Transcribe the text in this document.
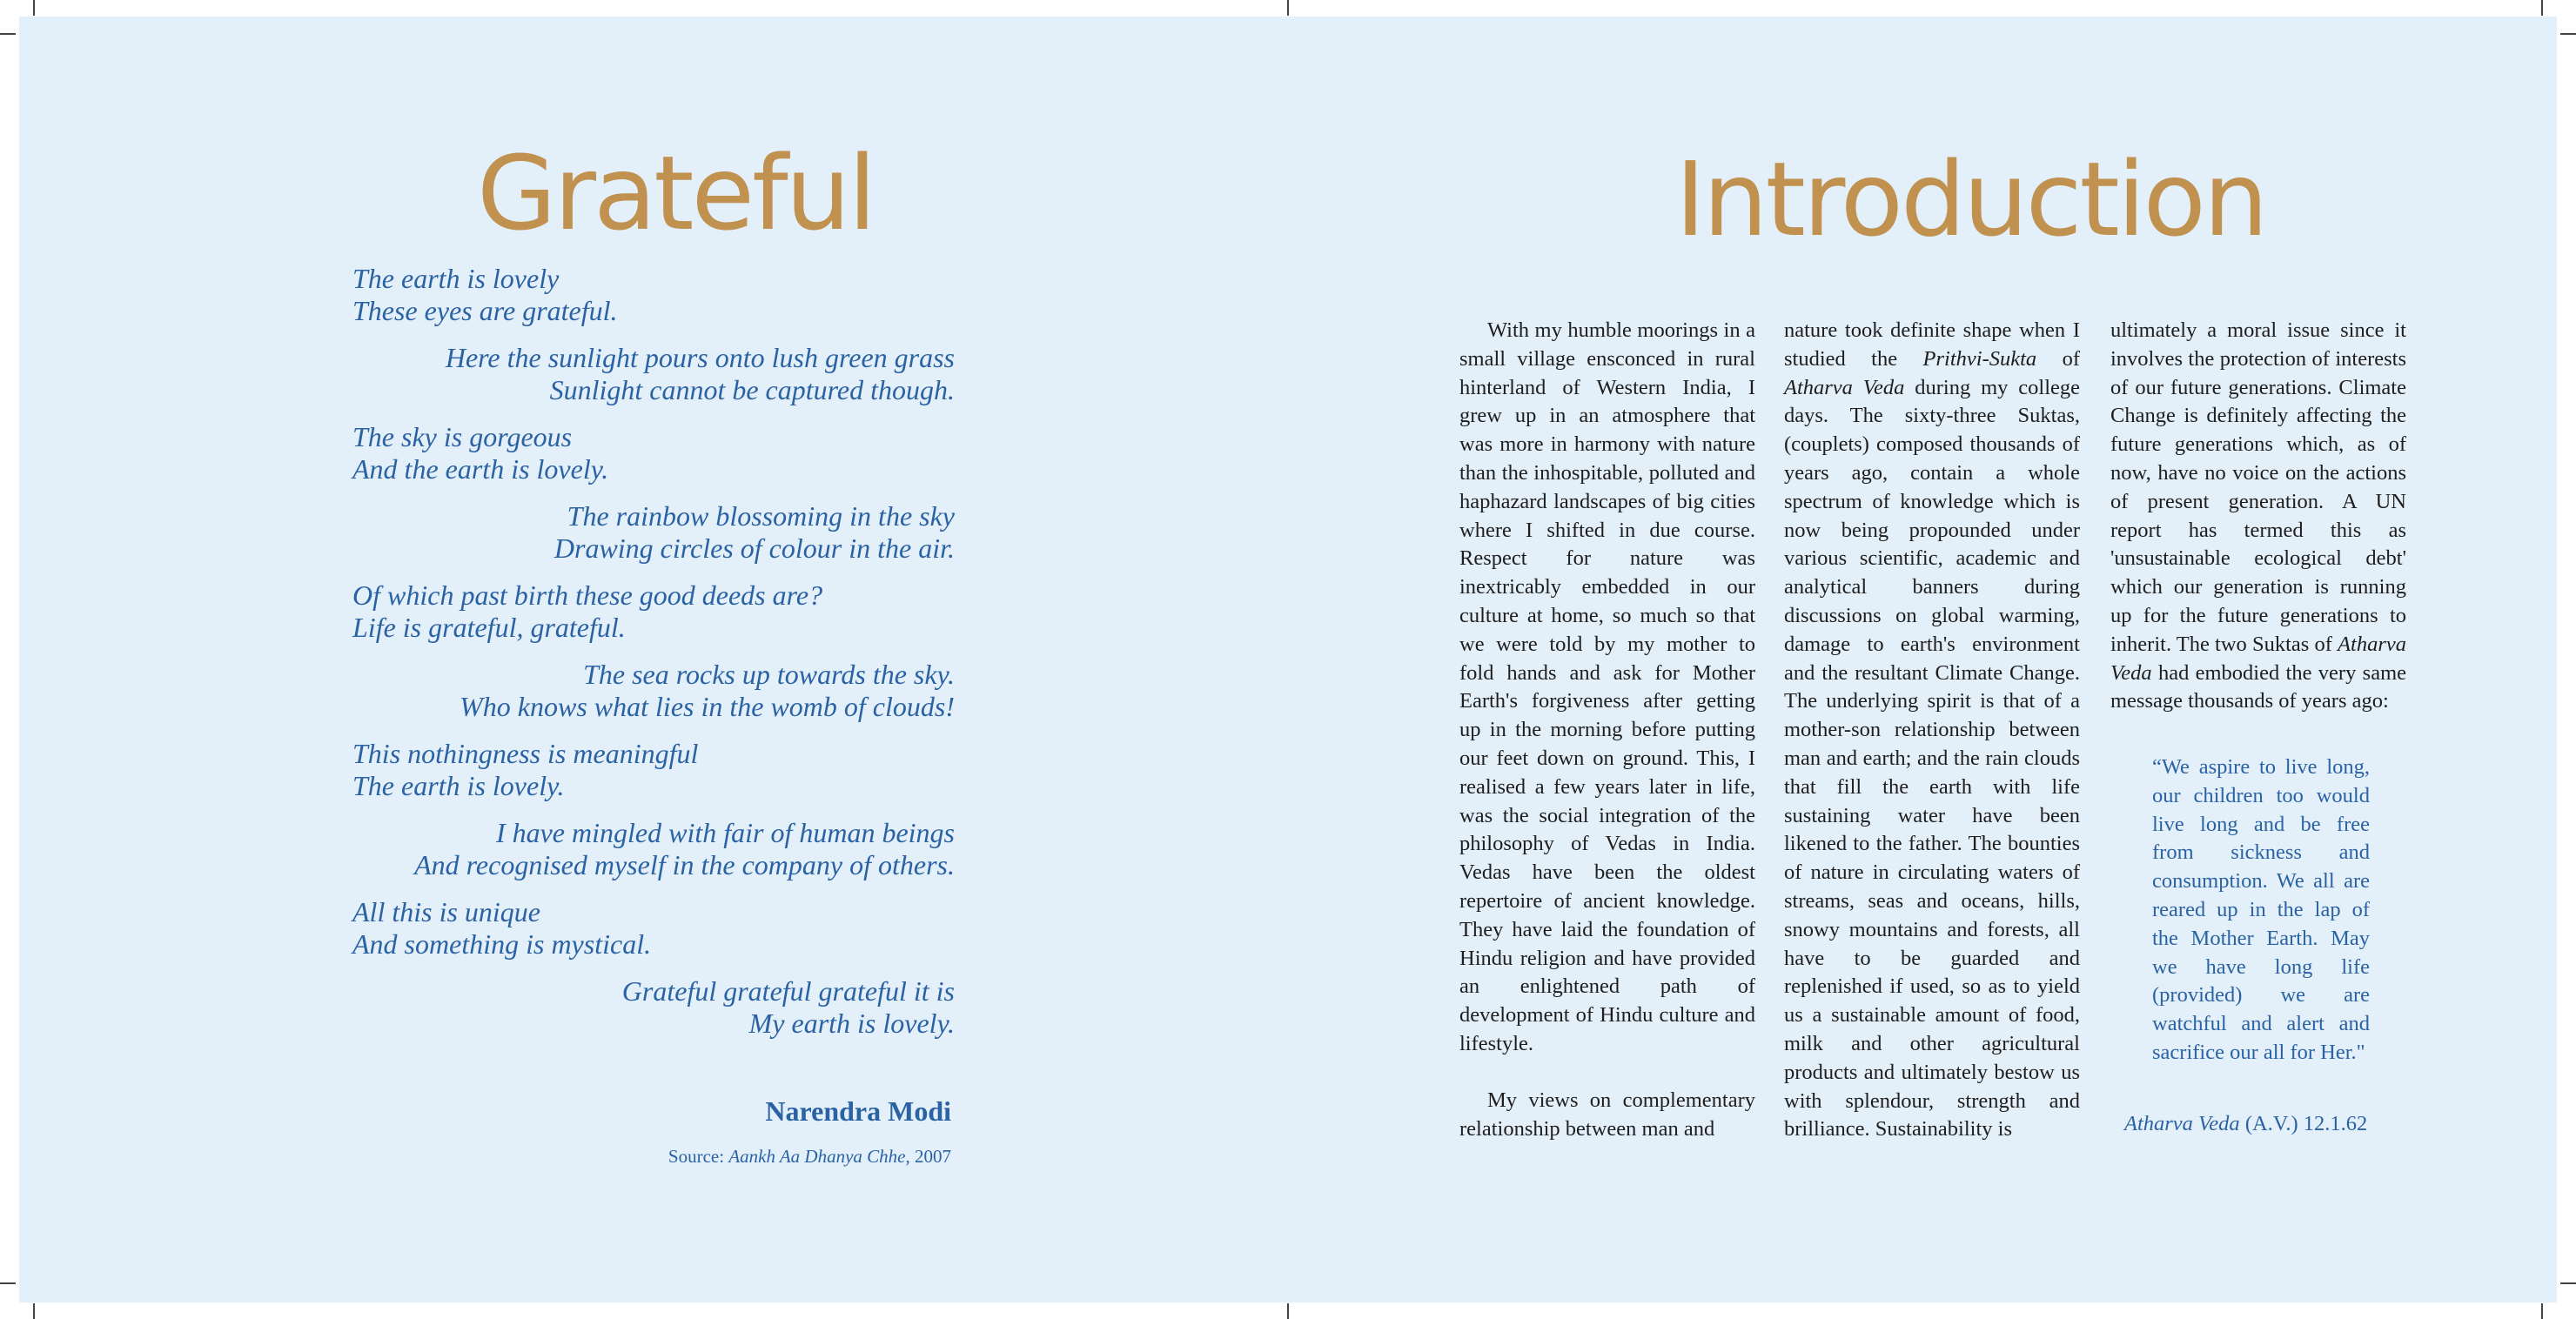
Grateful
The earth is lovely
These eyes are grateful.
Here the sunlight pours onto lush green grass
Sunlight cannot be captured though.
The sky is gorgeous
And the earth is lovely.
The rainbow blossoming in the sky
Drawing circles of colour in the air.
Of which past birth these good deeds are?
Life is grateful, grateful.
The sea rocks up towards the sky.
Who knows what lies in the womb of clouds!
This nothingness is meaningful
The earth is lovely.
I have mingled with fair of human beings
And recognised myself in the company of others.
All this is unique
And something is mystical.
Grateful grateful grateful it is
My earth is lovely.
Narendra Modi
Source: Aankh Aa Dhanya Chhe, 2007
Introduction

With my humble moorings in a small village ensconced in rural hinterland of Western India, I grew up in an atmosphere that was more in harmony with nature than the inhospitable, polluted and haphazard landscapes of big cities where I shifted in due course. Respect for nature was inextricably embedded in our culture at home, so much so that we were told by my mother to fold hands and ask for Mother Earth's forgiveness after getting up in the morning before putting our feet down on ground. This, I realised a few years later in life, was the social integration of the philosophy of Vedas in India. Vedas have been the oldest repertoire of ancient knowledge. They have laid the foundation of Hindu religion and have provided an enlightened path of development of Hindu culture and lifestyle.

My views on complementary relationship between man and

nature took definite shape when I studied the Prithvi-Sukta of Atharva Veda during my college days. The sixty-three Suktas, (couplets) composed thousands of years ago, contain a whole spectrum of knowledge which is now being propounded under various scientific, academic and analytical banners during discussions on global warming, damage to earth's environment and the resultant Climate Change. The underlying spirit is that of a mother-son relationship between man and earth; and the rain clouds that fill the earth with life sustaining water have been likened to the father. The bounties of nature in circulating waters of streams, seas and oceans, hills, snowy mountains and forests, all have to be guarded and replenished if used, so as to yield us a sustainable amount of food, milk and other agricultural products and ultimately bestow us with splendour, strength and brilliance. Sustainability is

ultimately a moral issue since it involves the protection of interests of our future generations. Climate Change is definitely affecting the future generations which, as of now, have no voice on the actions of present generation. A UN report has termed this as 'unsustainable ecological debt' which our generation is running up for the future generations to inherit. The two Suktas of Atharva Veda had embodied the very same message thousands of years ago:

“We aspire to live long, our children too would live long and be free from sickness and consumption. We all are reared up in the lap of the Mother Earth. May we have long life (provided) we are watchful and alert and sacrifice our all for Her."
Atharva Veda (A.V.) 12.1.62
